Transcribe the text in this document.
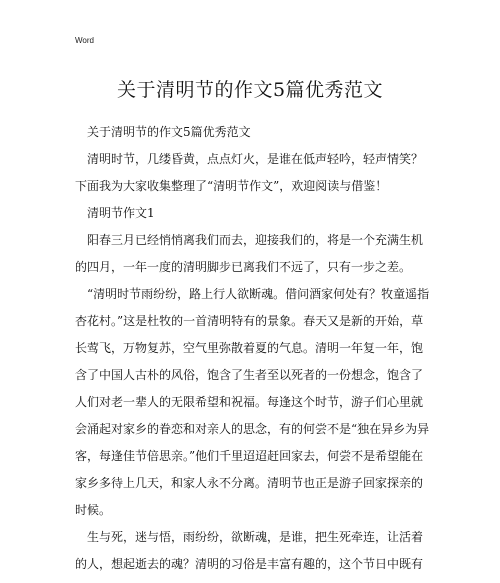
Word
关于清明节的作文5篇优秀范文
关于清明节的作文5篇优秀范文
清明时节，几缕昏黄，点点灯火，是谁在低声轻吟，轻声情笑？
下面我为大家收集整理了“清明节作文”，欢迎阅读与借鉴！
清明节作文1
阳春三月已经悄悄离我们而去，迎接我们的，将是一个充满生机
的四月，一年一度的清明脚步已离我们不远了，只有一步之差。
“清明时节雨纷纷，路上行人欲断魂。借问酒家何处有？牧童遥指
杏花村。”这是杜牧的一首清明特有的景象。春天又是新的开始，草
长莺飞，万物复苏，空气里弥散着夏的气息。清明一年复一年，饱
含了中国人古朴的风俗，饱含了生者至以死者的一份想念，饱含了
人们对老一辈人的无限希望和祝福。每逢这个时节，游子们心里就
会涌起对家乡的眷恋和对亲人的思念，有的何尝不是“独在异乡为异
客，每逢佳节倍思亲。”他们千里迢迢赶回家去，何尝不是希望能在
家乡多待上几天，和家人永不分离。清明节也正是游子回家探亲的
时候。
生与死，迷与悟，雨纷纷，欲断魂，是谁，把生死牵连，让活着
的人，想起逝去的魂？清明的习俗是丰富有趣的，这个节日中既有
